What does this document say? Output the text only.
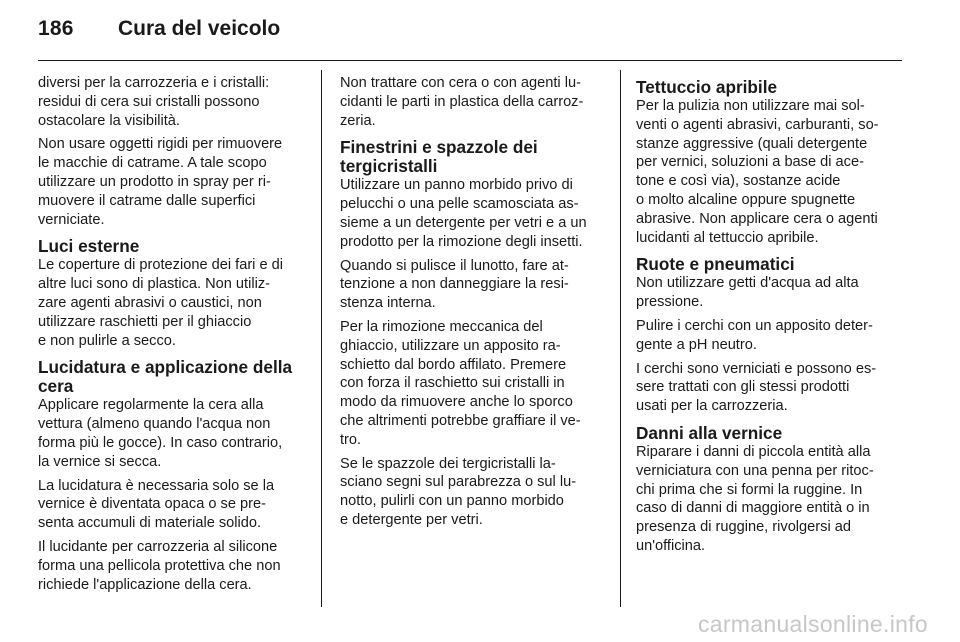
186 Cura del veicolo

diversi per la carrozzeria e i cristalli:
residui di cera sui cristalli possono
ostacolare la visibilità.

Non usare oggetti rigidi per rimuovere
le macchie di catrame. A tale scopo
utilizzare un prodotto in spray per ri-
muovere il catrame dalle superfici
verniciate.

Luci esterne

Le coperture di protezione dei fari e di
altre luci sono di plastica. Non utiliz-
zare agenti abrasivi o caustici, non
utilizzare raschietti per il ghiaccio
e non pulirle a secco.

Lucidatura e applicazione della
cera

Applicare regolarmente la cera alla
vettura (almeno quando l'acqua non
forma più le gocce). In caso contrario,
la vernice si secca.

La lucidatura è necessaria solo se la
vernice è diventata opaca o se pre-
senta accumuli di materiale solido.

Il lucidante per carrozzeria al silicone
forma una pellicola protettiva che non
richiede l'applicazione della cera.

Non trattare con cera o con agenti lu-
cidanti le parti in plastica della carroz-
zeria.

Finestrini e spazzole dei
tergicristalli

Utilizzare un panno morbido privo di
pelucchi o una pelle scamosciata as-
sieme a un detergente per vetri e a un
prodotto per la rimozione degli insetti.

Quando si pulisce il lunotto, fare at-
tenzione a non danneggiare la resi-
stenza interna.

Per la rimozione meccanica del
ghiaccio, utilizzare un apposito ra-
schietto dal bordo affilato. Premere
con forza il raschietto sui cristalli in
modo da rimuovere anche lo sporco
che altrimenti potrebbe graffiare il ve-
tro.

Se le spazzole dei tergicristalli la-
sciano segni sul parabrezza o sul lu-
notto, pulirli con un panno morbido
e detergente per vetri.

Tettuccio apribile

Per la pulizia non utilizzare mai sol-
venti o agenti abrasivi, carburanti, so-
stanze aggressive (quali detergente
per vernici, soluzioni a base di ace-
tone e così via), sostanze acide
o molto alcaline oppure spugnette
abrasive. Non applicare cera o agenti
lucidanti al tettuccio apribile.

Ruote e pneumatici

Non utilizzare getti d'acqua ad alta
pressione.

Pulire i cerchi con un apposito deter-
gente a pH neutro.

I cerchi sono verniciati e possono es-
sere trattati con gli stessi prodotti
usati per la carrozzeria.

Danni alla vernice

Riparare i danni di piccola entità alla
verniciatura con una penna per ritoc-
chi prima che si formi la ruggine. In
caso di danni di maggiore entità o in
presenza di ruggine, rivolgersi ad
un'officina.

carmanualsonline.info
